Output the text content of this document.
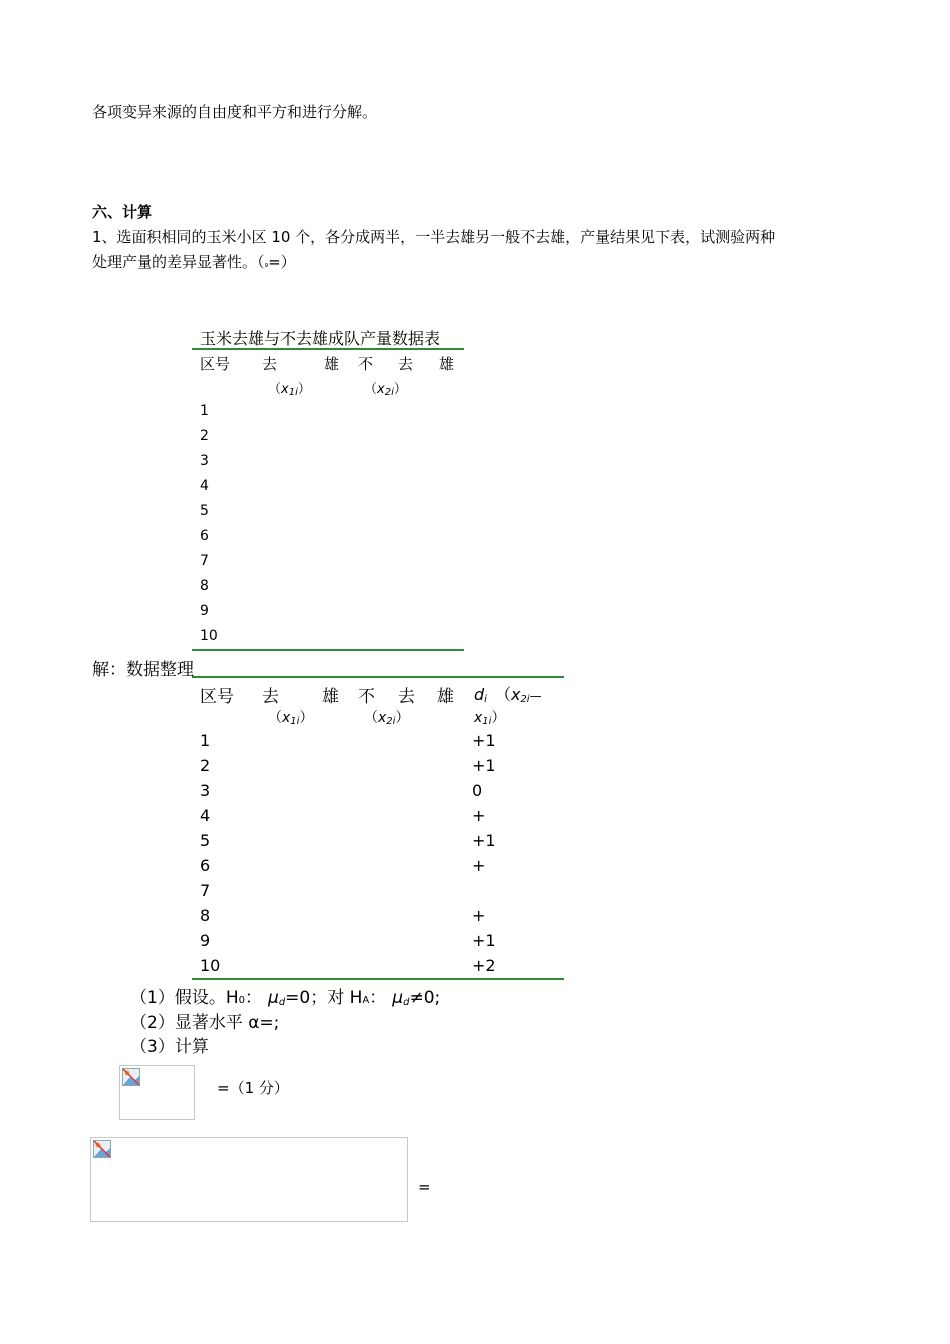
各项变异来源的自由度和平方和进行分解。
六、计算
1、选面积相同的玉米小区 10 个，各分成两半，一半去雄另一般不去雄，产量结果见下表，试测验两种
处理产量的差异显著性。（₉=）
玉米去雄与不去雄成队产量数据表
区号 去	雄 不 去 雄
$(x_{1i})$	$(x_{2i})$
1
2
3
4
5
6
7
8
9
10
解：数据整理
区号 去	雄 不 去 雄 $d_i$ （$x_{2i}—$
$(x_{1i})$	$(x_{2i})$	$x_{1i}$）
1	+1
2	+1
3	0
4	+
5	+1
6	+
7
8	+
9	+1
10	+2
（1）假设。H0： $\mu_d=0$；对 HA： $\mu_d\ne 0$;
（2）显著水平 α=;
（3）计算
=（1 分）
=
